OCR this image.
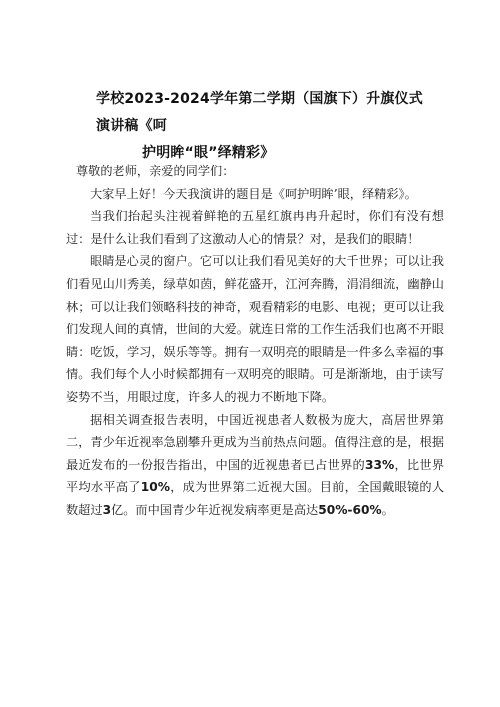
学校2023-2024学年第二学期（国旗下）升旗仪式演讲稿《呵
护明眸“眼”绎精彩》

尊敬的老师，亲爱的同学们：

大家早上好！今天我演讲的题目是《呵护明眸’眼，绎精彩》。

当我们抬起头注视着鲜艳的五星红旗冉冉升起时，你们有没有想过：是什么让我们看到了这激动人心的情景？对，是我们的眼睛！

眼睛是心灵的窗户。它可以让我们看见美好的大千世界；可以让我们看见山川秀美，绿草如茵，鲜花盛开，江河奔腾，涓涓细流，幽静山林；可以让我们领略科技的神奇，观看精彩的电影、电视；更可以让我们发现人间的真情，世间的大爱。就连日常的工作生活我们也离不开眼睛：吃饭，学习，娱乐等等。拥有一双明亮的眼睛是一件多么幸福的事情。我们每个人小时候都拥有一双明亮的眼睛。可是渐渐地，由于读写姿势不当，用眼过度，许多人的视力不断地下降。

据相关调查报告表明，中国近视患者人数极为庞大，高居世界第二，青少年近视率急剧攀升更成为当前热点问题。值得注意的是，根据最近发布的一份报告指出，中国的近视患者已占世界的33%，比世界平均水平高了10%，成为世界第二近视大国。目前，全国戴眼镜的人数超过3亿。而中国青少年近视发病率更是高达50%-60%。
